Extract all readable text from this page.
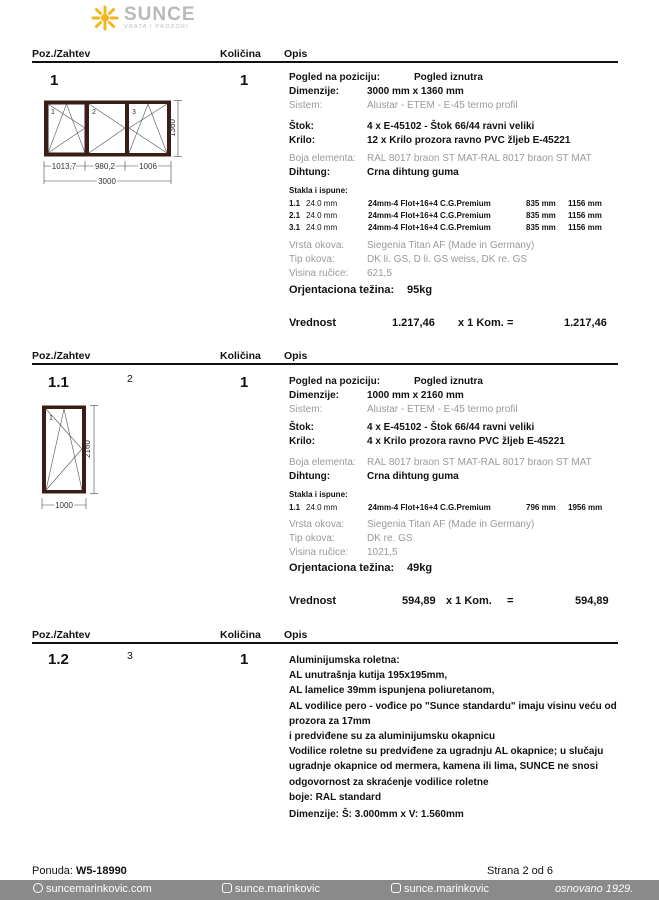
SUNCE
VRATA I PROZORI
Poz./Zahtev	Količina Opis
1	1
1	2	3
1360
1013,7 980,2	1006
3000
Pogled na poziciju:	Pogled iznutra
Dimenzije:	3000 mm x 1360 mm
Sistem:	Alustar - ETEM - E-45 termo profil
Štok:	4 x E-45102 - Štok 66/44 ravni veliki
Krilo:	12 x Krilo prozora ravno PVC žljeb E-45221
Boja elementa: RAL 8017 braon ST MAT-RAL 8017 braon ST MAT
Dihtung:	Crna dihtung guma
Stakla i ispune:
1.1 24.0 mm	24mm-4 Flot+16+4 C.G.Premium	835 mm 1156 mm
2.1 24.0 mm	24mm-4 Flot+16+4 C.G.Premium	835 mm 1156 mm
3.1 24.0 mm	24mm-4 Flot+16+4 C.G.Premium	835 mm 1156 mm
Vrsta okova: Siegenia Titan AF (Made in Germany)
Tip okova:	DK li. GS, D li. GS weiss, DK re. GS
Visina ručice: 621,5
Orjentaciona težina: 95kg
Vrednost	1.217,46 x 1 Kom. =	1.217,46
Poz./Zahtev	Količina Opis
1.1	2	1
1
2160
1000
Pogled na poziciju:	Pogled iznutra
Dimenzije:	1000 mm x 2160 mm
Sistem:	Alustar - ETEM - E-45 termo profil
Štok:	4 x E-45102 - Štok 66/44 ravni veliki
Krilo:	4 x Krilo prozora ravno PVC žljeb E-45221
Boja elementa: RAL 8017 braon ST MAT-RAL 8017 braon ST MAT
Dihtung:	Crna dihtung guma
Stakla i ispune:
1.1 24.0 mm	24mm-4 Flot+16+4 C.G.Premium	796 mm 1956 mm
Vrsta okova: Siegenia Titan AF (Made in Germany)
Tip okova:	DK re. GS
Visina ručice: 1021,5
Orjentaciona težina: 49kg
Vrednost	594,89 x 1 Kom. =	594,89
Poz./Zahtev	Količina Opis
1.2	3	1	Aluminijumska roletna:
AL unutrašnja kutija 195x195mm,
AL lamelice 39mm ispunjena poliuretanom,
AL vodilice pero - vođice po "Sunce standardu" imaju visinu veću od
prozora za 17mm
i predviđene su za aluminijumsku okapnicu
Vodilice roletne su predviđene za ugradnju AL okapnice; u slučaju
ugradnje okapnice od mermera, kamena ili lima, SUNCE ne snosi
odgovornost za skraćenje vodilice roletne
boje: RAL standard
Dimenzije: Š: 3.000mm x V: 1.560mm
Ponuda: W5-18990	Strana 2 od 6
suncemarinkovic.com	sunce.marinkovic	sunce.marinkovic	osnovano 1929.
